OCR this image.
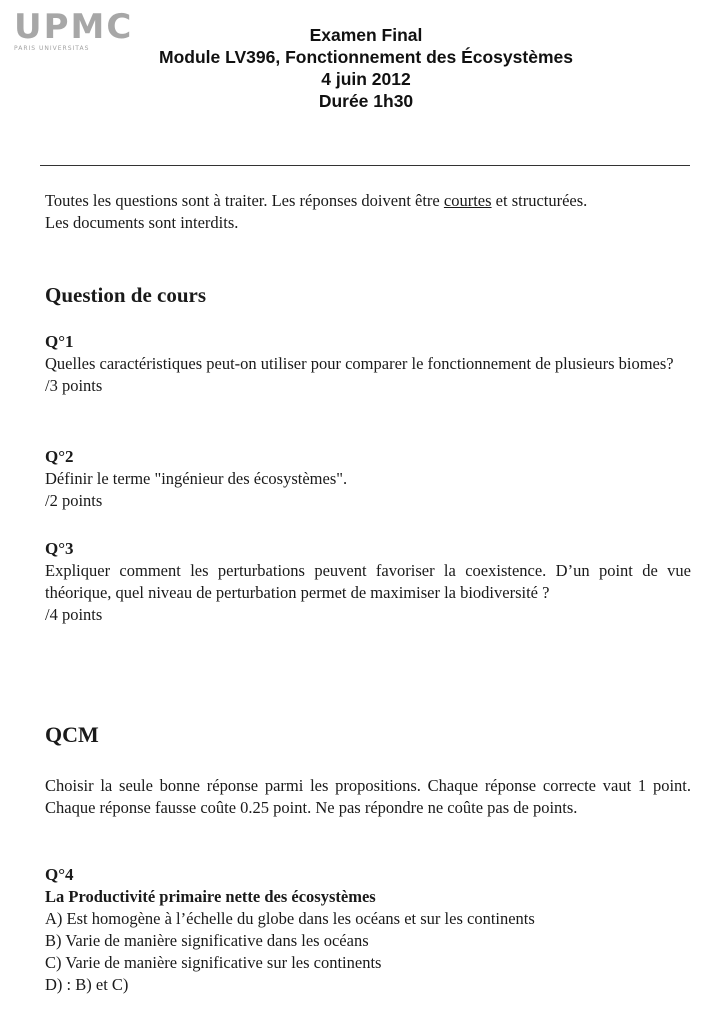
UPMC
PARIS UNIVERSITAS
Examen Final
Module LV396, Fonctionnement des Écosystèmes
4 juin 2012
Durée 1h30
Toutes les questions sont à traiter. Les réponses doivent être courtes et structurées.
Les documents sont interdits.
Question de cours
Q°1
Quelles caractéristiques peut-on utiliser pour comparer le fonctionnement de plusieurs biomes?
/3 points
Q°2
Définir le terme "ingénieur des écosystèmes".
/2 points
Q°3
Expliquer comment les perturbations peuvent favoriser la coexistence. D’un point de vue théorique, quel niveau de perturbation permet de maximiser la biodiversité ?
/4 points
QCM
Choisir la seule bonne réponse parmi les propositions. Chaque réponse correcte vaut 1 point. Chaque réponse fausse coûte 0.25 point. Ne pas répondre ne coûte pas de points.
Q°4
La Productivité primaire nette des écosystèmes
A) Est homogène à l’échelle du globe dans les océans et sur les continents
B) Varie de manière significative dans les océans
C) Varie de manière significative sur les continents
D) : B) et C)
